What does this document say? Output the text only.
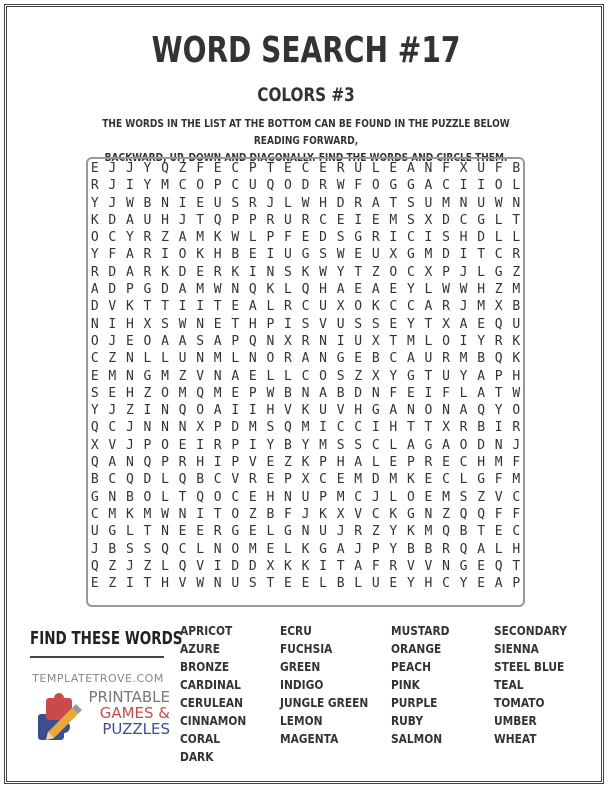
WORD SEARCH #17
COLORS #3
THE WORDS IN THE LIST AT THE BOTTOM CAN BE FOUND IN THE PUZZLE BELOW READING FORWARD,
BACKWARD, UP, DOWN AND DIAGONALLY. FIND THE WORDS AND CIRCLE THEM.
E J J Y Q Z F E C P T E C E R U L E A N F X U F B
R J I Y M C O P C U Q O D R W F O G G A C I I O L
Y J W B N I E U S R J L W H D R A T S U M N U W N
K D A U H J T Q P P R U R C E I E M S X D C G L T
O C Y R Z A M K W L P F E D S G R I C I S H D L L
Y F A R I O K H B E I U G S W E U X G M D I T C R
R D A R K D E R K I N S K W Y T Z O C X P J L G Z
A D P G D A M W N Q K L Q H A E A E Y L W W H Z M
D V K T T I I T E A L R C U X O K C C A R J M X B
N I H X S W N E T H P I S V U S S E Y T X A E Q U
O J E O A A S A P Q N X R N I U X T M L O I Y R K
C Z N L L U N M L N O R A N G E B C A U R M B Q K
E M N G M Z V N A E L L C O S Z X Y G T U Y A P H
S E H Z O M Q M E P W B N A B D N F E I F L A T W
Y J Z I N Q O A I I H V K U V H G A N O N A Q Y O
Q C J N N N X P D M S Q M I C C I H T T X R B I R
X V J P O E I R P I Y B Y M S S C L A G A O D N J
Q A N Q P R H I P V E Z K P H A L E P R E C H M F
B C Q D L Q B C V R E P X C E M D M K E C L G F M
G N B O L T Q O C E H N U P M C J L O E M S Z V C
C M K M W N I T O Z B F J K X V C K G N Z Q Q F F
U G L T N E E R G E L G N U J R Z Y K M Q B T E C
J B S S Q C L N O M E L K G A J P Y B B R Q A L H
Q Z J Z L Q V I D D X K K I T A F R V V N G E Q T
E Z I T H V W N U S T E E L B L U E Y H C Y E A P
FIND THESE WORDS
TEMPLATETROVE.COM
PRINTABLE
GAMES &
PUZZLES
APRICOT
AZURE
BRONZE
CARDINAL
CERULEAN
CINNAMON
CORAL
DARK
ECRU
FUCHSIA
GREEN
INDIGO
JUNGLE GREEN
LEMON
MAGENTA
MUSTARD
ORANGE
PEACH
PINK
PURPLE
RUBY
SALMON
SECONDARY
SIENNA
STEEL BLUE
TEAL
TOMATO
UMBER
WHEAT
